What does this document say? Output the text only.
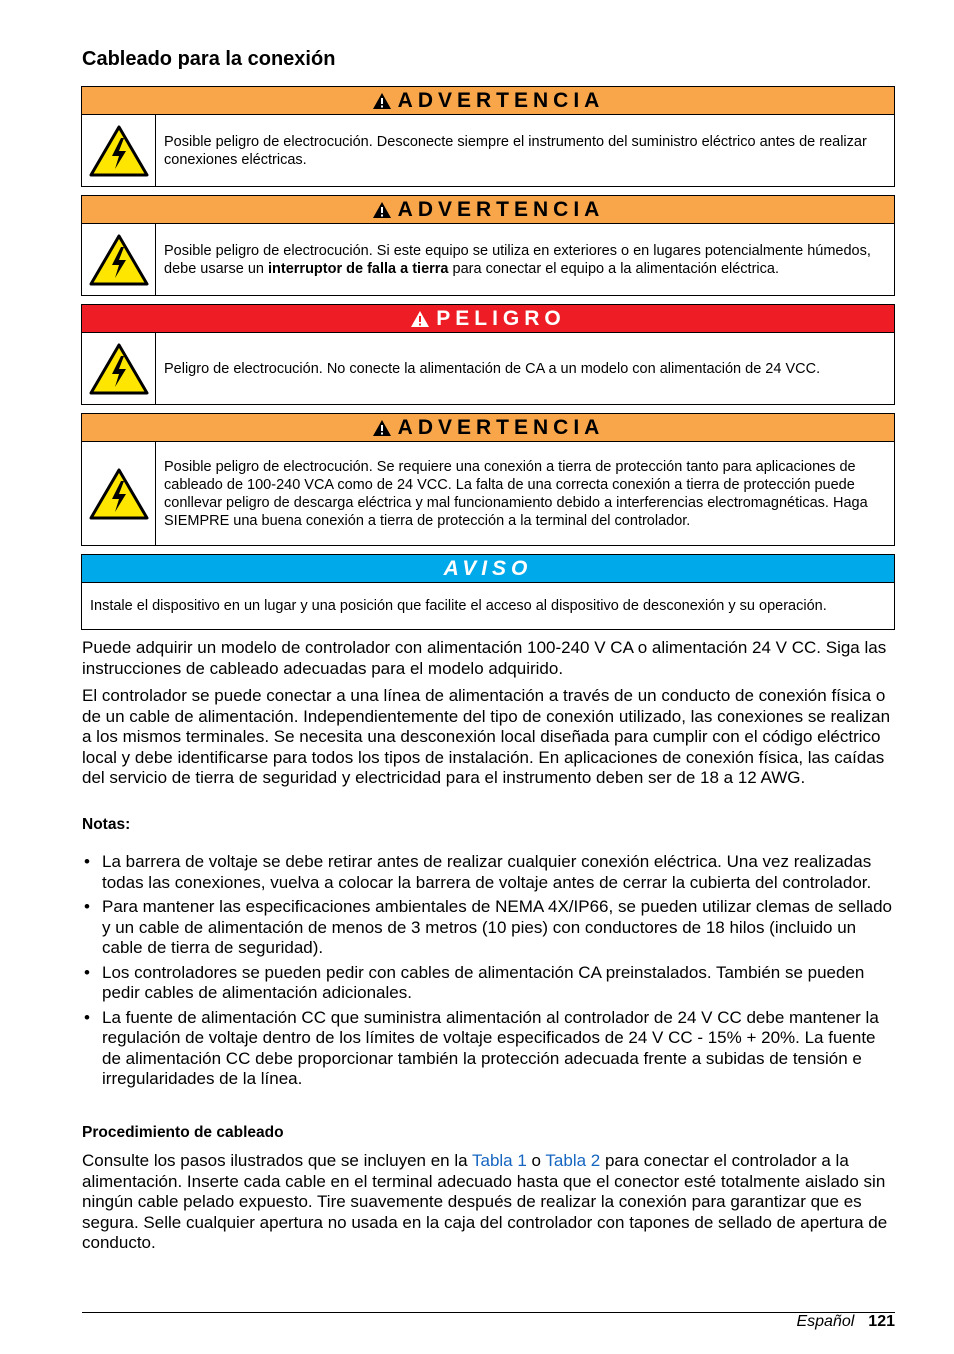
Cableado para la conexión
ADVERTENCIA
Posible peligro de electrocución. Desconecte siempre el instrumento del suministro eléctrico antes de realizar conexiones eléctricas.
ADVERTENCIA
Posible peligro de electrocución. Si este equipo se utiliza en exteriores o en lugares potencialmente húmedos, debe usarse un interruptor de falla a tierra para conectar el equipo a la alimentación eléctrica.
PELIGRO
Peligro de electrocución. No conecte la alimentación de CA a un modelo con alimentación de 24 VCC.
ADVERTENCIA
Posible peligro de electrocución. Se requiere una conexión a tierra de protección tanto para aplicaciones de cableado de 100-240 VCA como de 24 VCC. La falta de una correcta conexión a tierra de protección puede conllevar peligro de descarga eléctrica y mal funcionamiento debido a interferencias electromagnéticas. Haga SIEMPRE una buena conexión a tierra de protección a la terminal del controlador.
AVISO
Instale el dispositivo en un lugar y una posición que facilite el acceso al dispositivo de desconexión y su operación.

Puede adquirir un modelo de controlador con alimentación 100-240 V CA o alimentación 24 V CC. Siga las instrucciones de cableado adecuadas para el modelo adquirido.

El controlador se puede conectar a una línea de alimentación a través de un conducto de conexión física o de un cable de alimentación. Independientemente del tipo de conexión utilizado, las conexiones se realizan a los mismos terminales. Se necesita una desconexión local diseñada para cumplir con el código eléctrico local y debe identificarse para todos los tipos de instalación. En aplicaciones de conexión física, las caídas del servicio de tierra de seguridad y electricidad para el instrumento deben ser de 18 a 12 AWG.

Notas:

• La barrera de voltaje se debe retirar antes de realizar cualquier conexión eléctrica. Una vez realizadas todas las conexiones, vuelva a colocar la barrera de voltaje antes de cerrar la cubierta del controlador.
• Para mantener las especificaciones ambientales de NEMA 4X/IP66, se pueden utilizar clemas de sellado y un cable de alimentación de menos de 3 metros (10 pies) con conductores de 18 hilos (incluido un cable de tierra de seguridad).
• Los controladores se pueden pedir con cables de alimentación CA preinstalados. También se pueden pedir cables de alimentación adicionales.
• La fuente de alimentación CC que suministra alimentación al controlador de 24 V CC debe mantener la regulación de voltaje dentro de los límites de voltaje especificados de 24 V CC - 15% + 20%. La fuente de alimentación CC debe proporcionar también la protección adecuada frente a subidas de tensión e irregularidades de la línea.

Procedimiento de cableado

Consulte los pasos ilustrados que se incluyen en la Tabla 1 o Tabla 2 para conectar el controlador a la alimentación. Inserte cada cable en el terminal adecuado hasta que el conector esté totalmente aislado sin ningún cable pelado expuesto. Tire suavemente después de realizar la conexión para garantizar que es segura. Selle cualquier apertura no usada en la caja del controlador con tapones de sellado de apertura de conducto.

Español 121
